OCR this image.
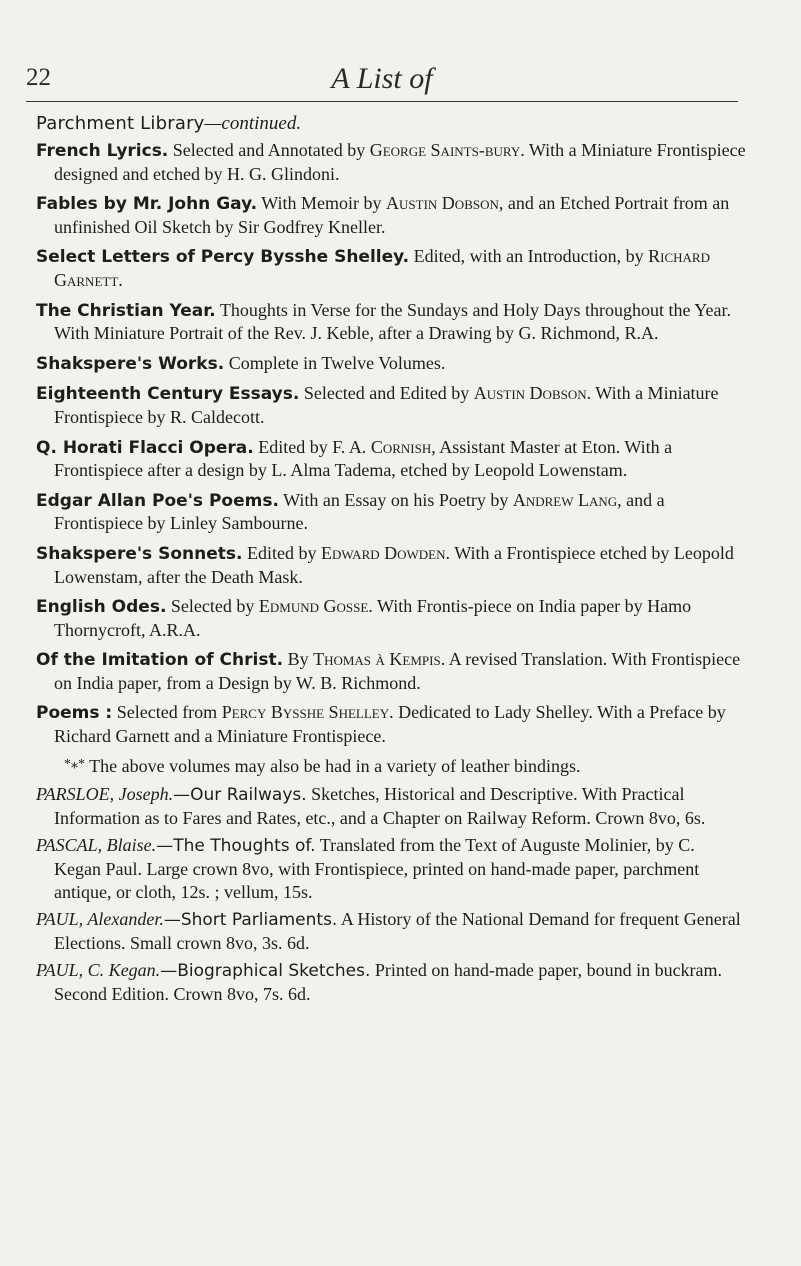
22	A List of
Parchment Library—continued.
French Lyrics. Selected and Annotated by George Saints-bury. With a Miniature Frontispiece designed and etched by H. G. Glindoni.
Fables by Mr. John Gay. With Memoir by Austin Dobson, and an Etched Portrait from an unfinished Oil Sketch by Sir Godfrey Kneller.
Select Letters of Percy Bysshe Shelley. Edited, with an Introduction, by Richard Garnett.
The Christian Year. Thoughts in Verse for the Sundays and Holy Days throughout the Year. With Miniature Portrait of the Rev. J. Keble, after a Drawing by G. Richmond, R.A.
Shakspere's Works. Complete in Twelve Volumes.
Eighteenth Century Essays. Selected and Edited by Austin Dobson. With a Miniature Frontispiece by R. Caldecott.
Q. Horati Flacci Opera. Edited by F. A. Cornish, Assistant Master at Eton. With a Frontispiece after a design by L. Alma Tadema, etched by Leopold Lowenstam.
Edgar Allan Poe's Poems. With an Essay on his Poetry by Andrew Lang, and a Frontispiece by Linley Sambourne.
Shakspere's Sonnets. Edited by Edward Dowden. With a Frontispiece etched by Leopold Lowenstam, after the Death Mask.
English Odes. Selected by Edmund Gosse. With Frontis-piece on India paper by Hamo Thornycroft, A.R.A.
Of the Imitation of Christ. By Thomas à Kempis. A revised Translation. With Frontispiece on India paper, from a Design by W. B. Richmond.
Poems : Selected from Percy Bysshe Shelley. Dedicated to Lady Shelley. With a Preface by Richard Garnett and a Miniature Frontispiece.
*⁎* The above volumes may also be had in a variety of leather bindings.
PARSLOE, Joseph.—Our Railways. Sketches, Historical and Descriptive. With Practical Information as to Fares and Rates, etc., and a Chapter on Railway Reform. Crown 8vo, 6s.
PASCAL, Blaise.—The Thoughts of. Translated from the Text of Auguste Molinier, by C. Kegan Paul. Large crown 8vo, with Frontispiece, printed on hand-made paper, parchment antique, or cloth, 12s. ; vellum, 15s.
PAUL, Alexander.—Short Parliaments. A History of the National Demand for frequent General Elections. Small crown 8vo, 3s. 6d.
PAUL, C. Kegan.—Biographical Sketches. Printed on hand-made paper, bound in buckram. Second Edition. Crown 8vo, 7s. 6d.
